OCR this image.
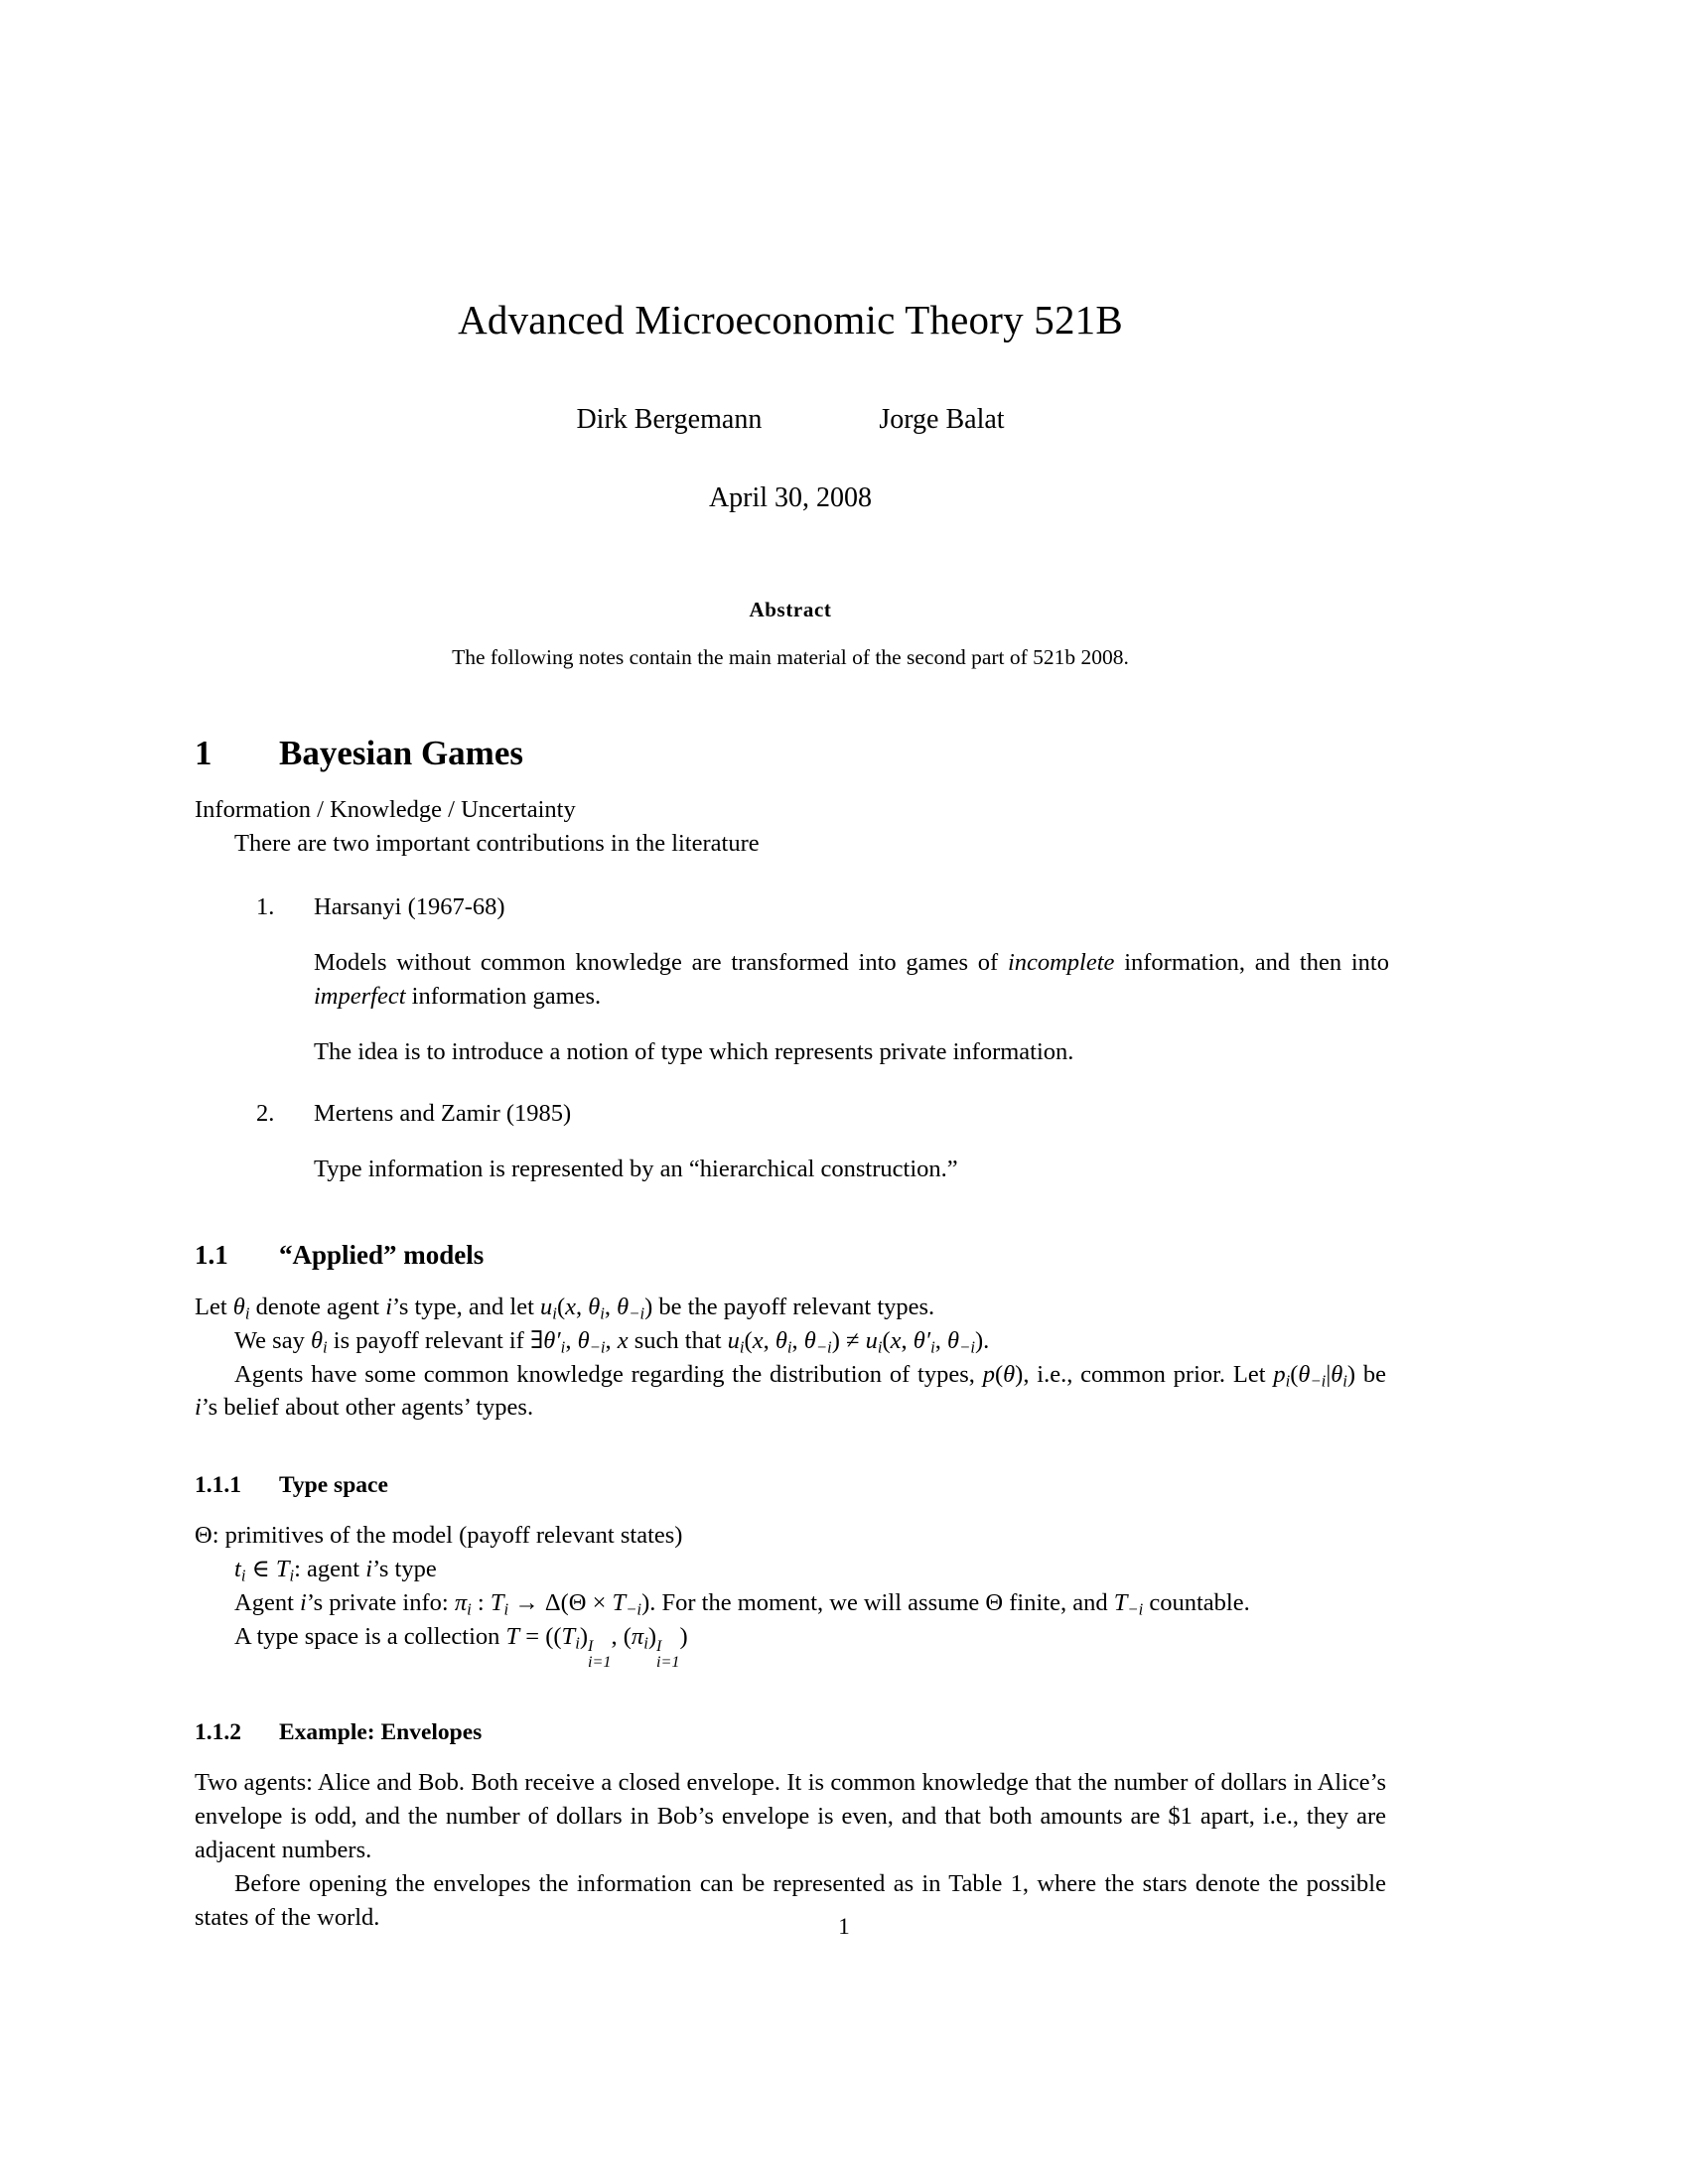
Advanced Microeconomic Theory 521B
Dirk Bergemann	Jorge Balat
April 30, 2008
Abstract
The following notes contain the main material of the second part of 521b 2008.
1	Bayesian Games

Information / Knowledge / Uncertainty

There are two important contributions in the literature

1. Harsanyi (1967-68)

Models without common knowledge are transformed into games of incomplete information, and then into imperfect information games.

The idea is to introduce a notion of type which represents private information.

2. Mertens and Zamir (1985)

Type information is represented by an “hierarchical construction.”

1.1	“Applied” models

Let $\theta_i$ denote agent i’s type, and let $u_i(x$, $\theta_i$, $\theta_{-i}$) be the payoff relevant types.

We say $\theta_i$ is payoff relevant if $\exists\theta'_i$, $\theta_{-i}$, x such that $u_i(x$, $\theta_i$, $\theta_{-i}) \ne u_i(x$, $\theta'_i$, $\theta_{-i}$).

Agents have some common knowledge regarding the distribution of types, p(θ), i.e., common prior. Let $p_i(\theta_{-i}|\theta_i)$ be i’s belief about other agents’ types.

1.1.1	Type space

Θ: primitives of the model (payoff relevant states)

$t_i$ ∈ $T_i$: agent i’s type

Agent i’s private info: $\pi_i$ : $T_i \to \Delta(\Theta \times T_{-i})$. For the moment, we will assume Θ finite, and $T_{-i}$ countable.

A type space is a collection $T = ((T_i)$ I
i=1
, $(\pi_i)$ I
i=1
)

1.1.2	Example: Envelopes

Two agents: Alice and Bob. Both receive a closed envelope. It is common knowledge that the number of dollars in Alice’s envelope is odd, and the number of dollars in Bob’s envelope is even, and that both amounts are $1 apart, i.e., they are adjacent numbers.

Before opening the envelopes the information can be represented as in Table 1, where the stars denote the possible states of the world.	1
